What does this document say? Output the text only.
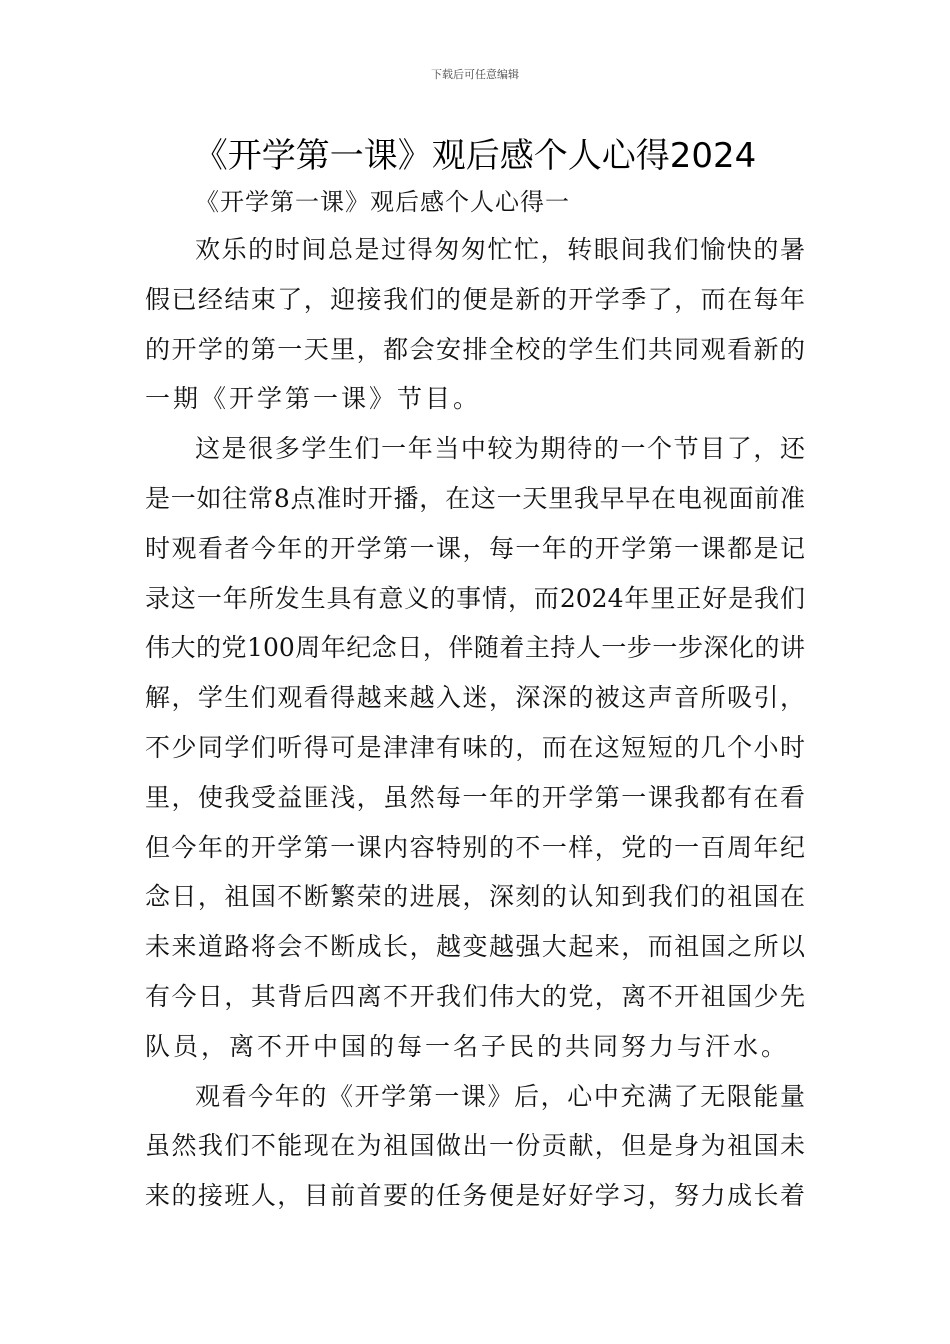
下载后可任意编辑
《开学第一课》观后感个人心得2024
《开学第一课》观后感个人心得一
欢乐的时间总是过得匆匆忙忙，转眼间我们愉快的暑
假已经结束了，迎接我们的便是新的开学季了，而在每年
的开学的第一天里，都会安排全校的学生们共同观看新的
一期《开学第一课》节目。
这是很多学生们一年当中较为期待的一个节目了，还
是一如往常8点准时开播，在这一天里我早早在电视面前准
时观看者今年的开学第一课，每一年的开学第一课都是记
录这一年所发生具有意义的事情，而2024年里正好是我们
伟大的党100周年纪念日，伴随着主持人一步一步深化的讲
解，学生们观看得越来越入迷，深深的被这声音所吸引，
不少同学们听得可是津津有味的，而在这短短的几个小时
里，使我受益匪浅，虽然每一年的开学第一课我都有在看
但今年的开学第一课内容特别的不一样，党的一百周年纪
念日，祖国不断繁荣的进展，深刻的认知到我们的祖国在
未来道路将会不断成长，越变越强大起来，而祖国之所以
有今日，其背后四离不开我们伟大的党，离不开祖国少先
队员，离不开中国的每一名子民的共同努力与汗水。
观看今年的《开学第一课》后，心中充满了无限能量
虽然我们不能现在为祖国做出一份贡献，但是身为祖国未
来的接班人，目前首要的任务便是好好学习，努力成长着
